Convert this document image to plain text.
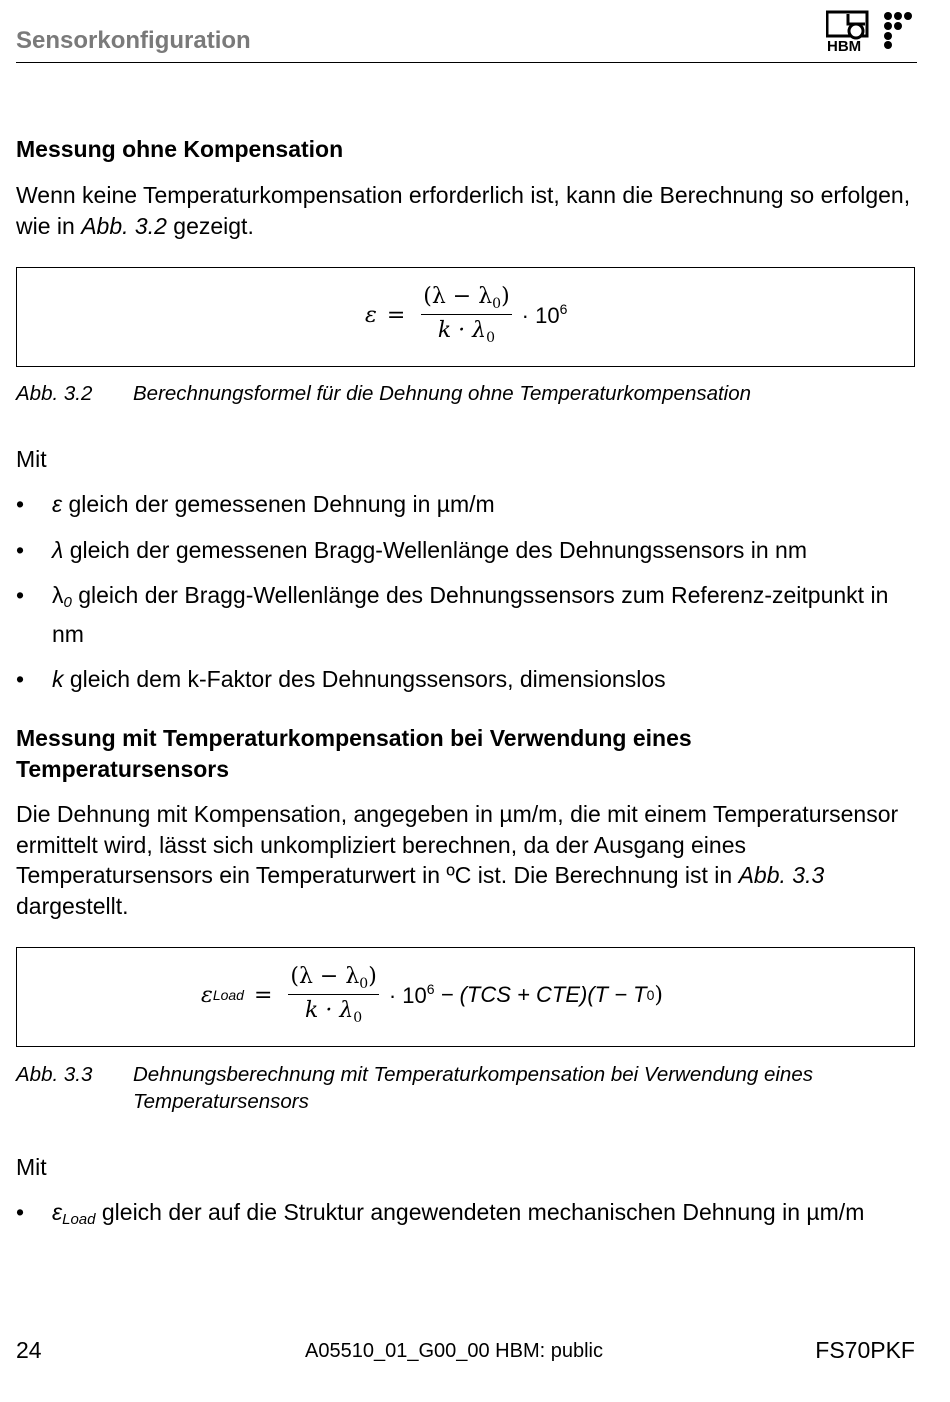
Sensorkonfiguration	HBM
Messung ohne Kompensation
Wenn keine Temperaturkompensation erforderlich ist, kann die Berechnung so erfolgen, wie in Abb. 3.2 gezeigt.
$\varepsilon = \frac{(\lambda - \lambda_0)}{k \cdot \lambda_0} \cdot 10^6$
Abb. 3.2 Berechnungsformel für die Dehnung ohne Temperaturkompensation
Mit
• ε gleich der gemessenen Dehnung in µm/m
• λ gleich der gemessenen Bragg-Wellenlänge des Dehnungssensors in nm
• λ0 gleich der Bragg-Wellenlänge des Dehnungssensors zum Referenz-zeitpunkt in nm
• k gleich dem k-Faktor des Dehnungssensors, dimensionslos
Messung mit Temperaturkompensation bei Verwendung eines Temperatursensors
Die Dehnung mit Kompensation, angegeben in µm/m, die mit einem Temperatursensor ermittelt wird, lässt sich unkompliziert berechnen, da der Ausgang eines Temperatursensors ein Temperaturwert in ºC ist. Die Berechnung ist in Abb. 3.3 dargestellt.
ε Load = $\frac{(\lambda - \lambda_0)}{k \cdot \lambda_0} \cdot 10^6 - (TCS + CTE)(T - T$ 0 )
Abb. 3.3 Dehnungsberechnung mit Temperaturkompensation bei Verwendung eines Temperatursensors
Mit
• εLoad gleich der auf die Struktur angewendeten mechanischen Dehnung in µm/m
24	A05510_01_G00_00 HBM: public	FS70PKF
